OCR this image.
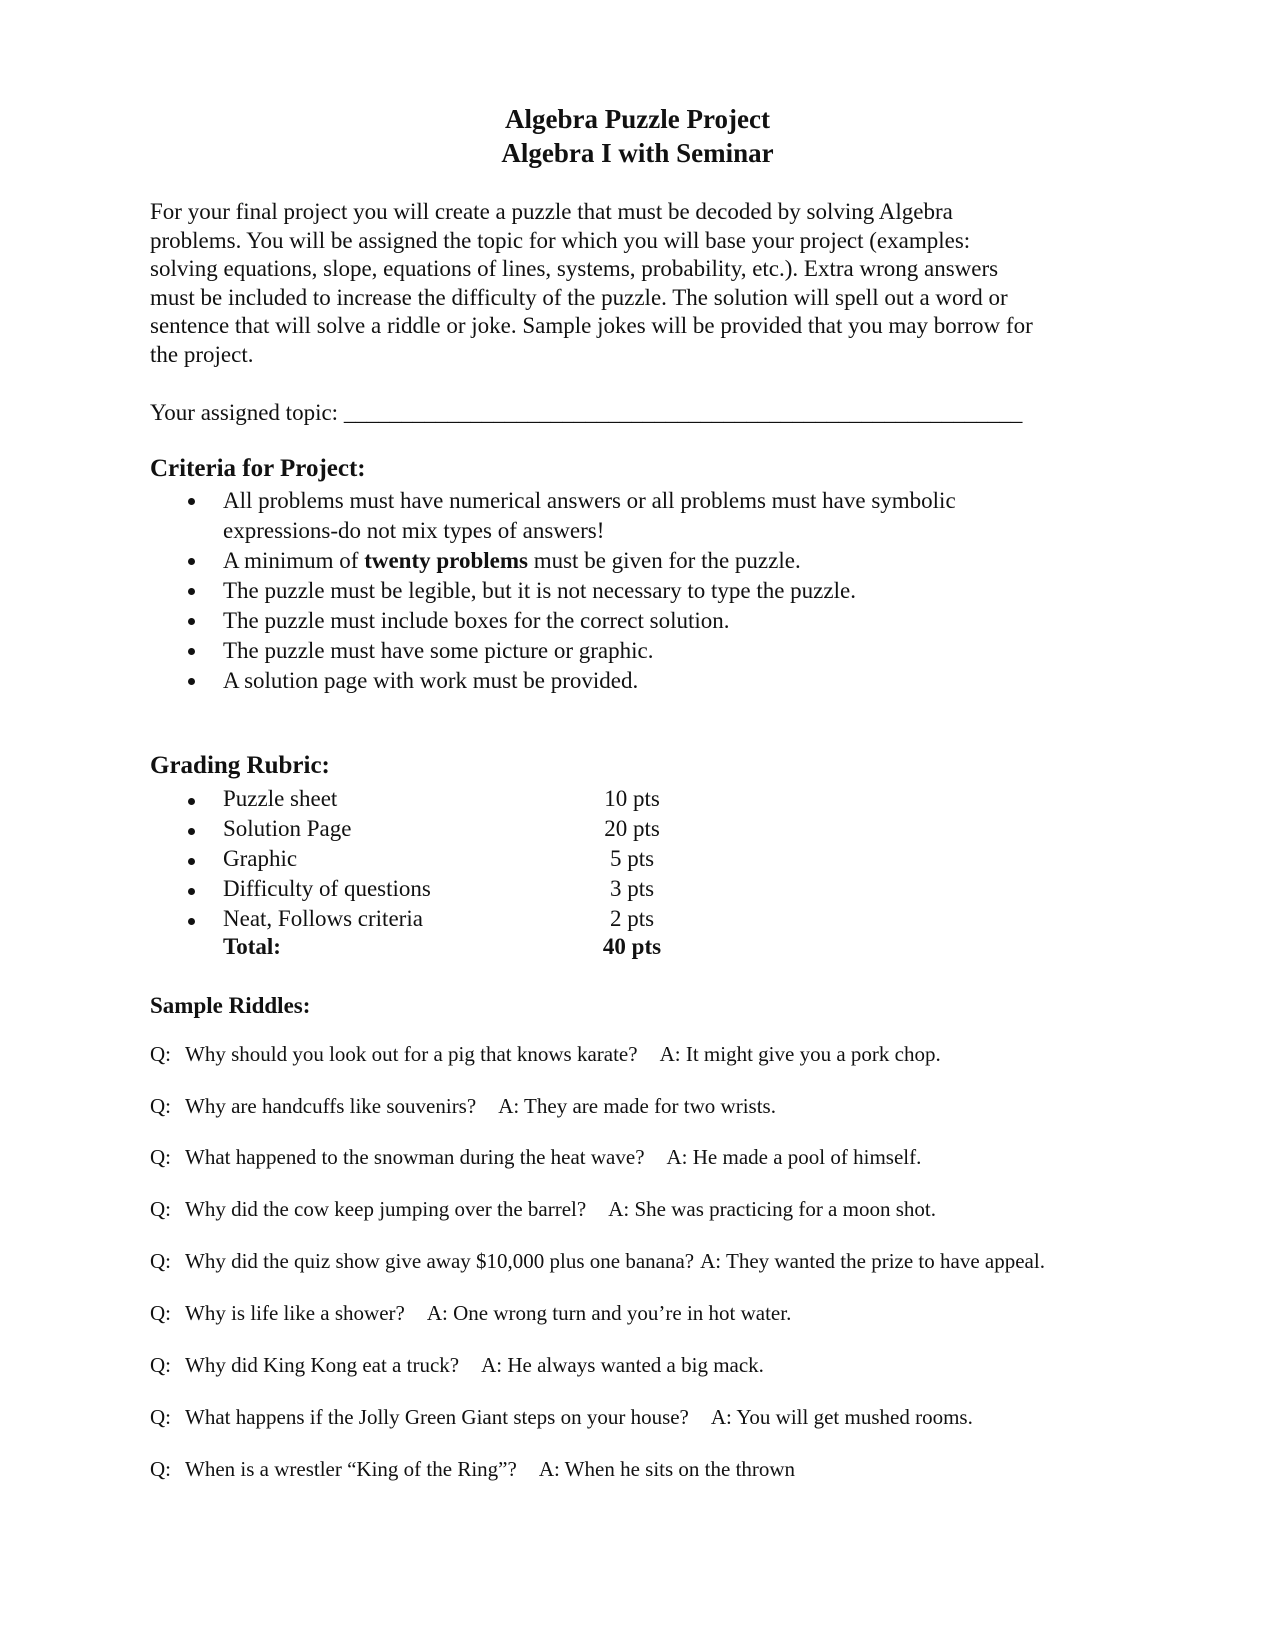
Algebra Puzzle Project
Algebra I with Seminar
For your final project you will create a puzzle that must be decoded by solving Algebra
problems. You will be assigned the topic for which you will base your project (examples:
solving equations, slope, equations of lines, systems, probability, etc.). Extra wrong answers
must be included to increase the difficulty of the puzzle. The solution will spell out a word or
sentence that will solve a riddle or joke. Sample jokes will be provided that you may borrow for
the project.
Your assigned topic: ___________________________________________________________
Criteria for Project:
All problems must have numerical answers or all problems must have symbolic
expressions-do not mix types of answers!
A minimum of twenty problems must be given for the puzzle.
The puzzle must be legible, but it is not necessary to type the puzzle.
The puzzle must include boxes for the correct solution.
The puzzle must have some picture or graphic.
A solution page with work must be provided.
Grading Rubric:
Puzzle sheet	10 pts
Solution Page	20 pts
Graphic	5 pts
Difficulty of questions	3 pts
Neat, Follows criteria	2 pts
Total:	40 pts
Sample Riddles:
Q: Why should you look out for a pig that knows karate? A: It might give you a pork chop.
Q: Why are handcuffs like souvenirs? A: They are made for two wrists.
Q: What happened to the snowman during the heat wave? A: He made a pool of himself.
Q: Why did the cow keep jumping over the barrel? A: She was practicing for a moon shot.
Q: Why did the quiz show give away $10,000 plus one banana? A: They wanted the prize to have appeal.
Q: Why is life like a shower? A: One wrong turn and you’re in hot water.
Q: Why did King Kong eat a truck? A: He always wanted a big mack.
Q: What happens if the Jolly Green Giant steps on your house? A: You will get mushed rooms.
Q: When is a wrestler “King of the Ring”? A: When he sits on the thrown
